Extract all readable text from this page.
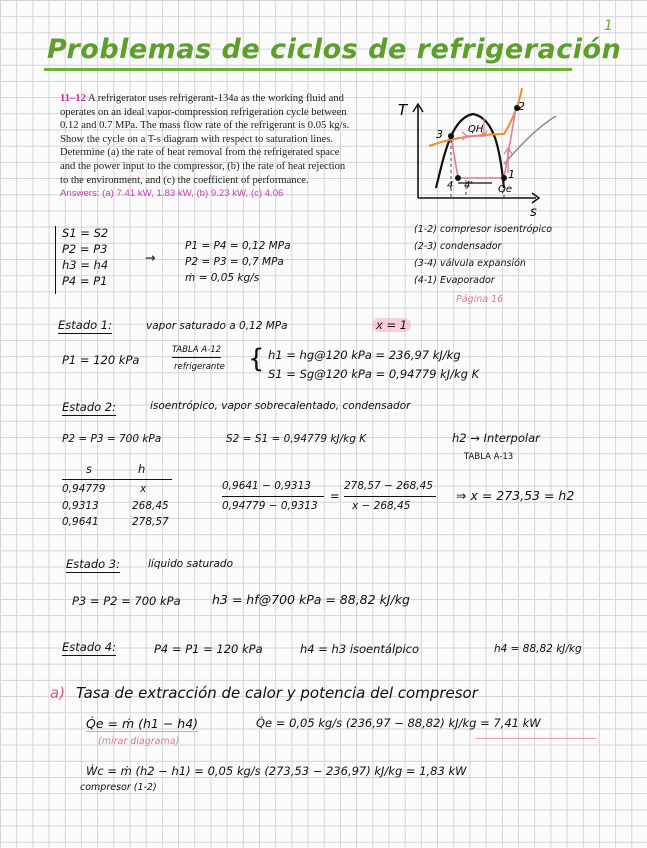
1
Problemas de ciclos de refrigeración
11–12 A refrigerator uses refrigerant-134a as the working fluid and operates on an ideal vapor-compression refrigeration cycle between 0.12 and 0.7 MPa. The mass flow rate of the refrigerant is 0.05 kg/s. Show the cycle on a T-s diagram with respect to saturation lines. Determine (a) the rate of heat removal from the refrigerated space and the power input to the compressor, (b) the rate of heat rejection to the environment, and (c) the coefficient of performance. Answers: (a) 7.41 kW, 1.83 kW, (b) 9.23 kW, (c) 4.06
T
s
2
3
1
4 4'
QH
Qe
S1 = S2
P2 = P3
h3 = h4
P4 = P1
→
P1 = P4 = 0,12 MPa
P2 = P3 = 0,7 MPa
ṁ = 0,05 kg/s
(1-2) compresor isoentrópico
(2-3) condensador
(3-4) válvula expansión
(4-1) Evaporador
Página 16
Estado 1:	vapor saturado a 0,12 MPa	x = 1
P1 = 120 kPa
TABLA A-12
refrigerante { h1 = hg@120 kPa = 236,97 kJ/kg
S1 = Sg@120 kPa = 0,94779 kJ/kg K
Estado 2:	isoentrópico, vapor sobrecalentado, condensador
P2 = P3 = 700 kPa	S2 = S1 = 0,94779 kJ/kg K	h2 → Interpolar
TABLA A-13
s	h
0,94779	x
0,9313	268,45
0,9641	278,57
0,9641 − 0,9313
0,94779 − 0,9313
=
278,57 − 268,45
x − 268,45
⇒ x = 273,53 = h2
Estado 3:	líquido saturado
P3 = P2 = 700 kPa	h3 = hf@700 kPa = 88,82 kJ/kg
Estado 4:	P4 = P1 = 120 kPa	h4 = h3 isoentálpico	h4 = 88,82 kJ/kg
a) Tasa de extracción de calor y potencia del compresor
Q̇e = ṁ (h1 − h4)
(mirar diagrama)
Q̇e = 0,05 kg/s (236,97 − 88,82) kJ/kg = 7,41 kW
Ẇc = ṁ (h2 − h1) = 0,05 kg/s (273,53 − 236,97) kJ/kg = 1,83 kW
compresor (1-2)
